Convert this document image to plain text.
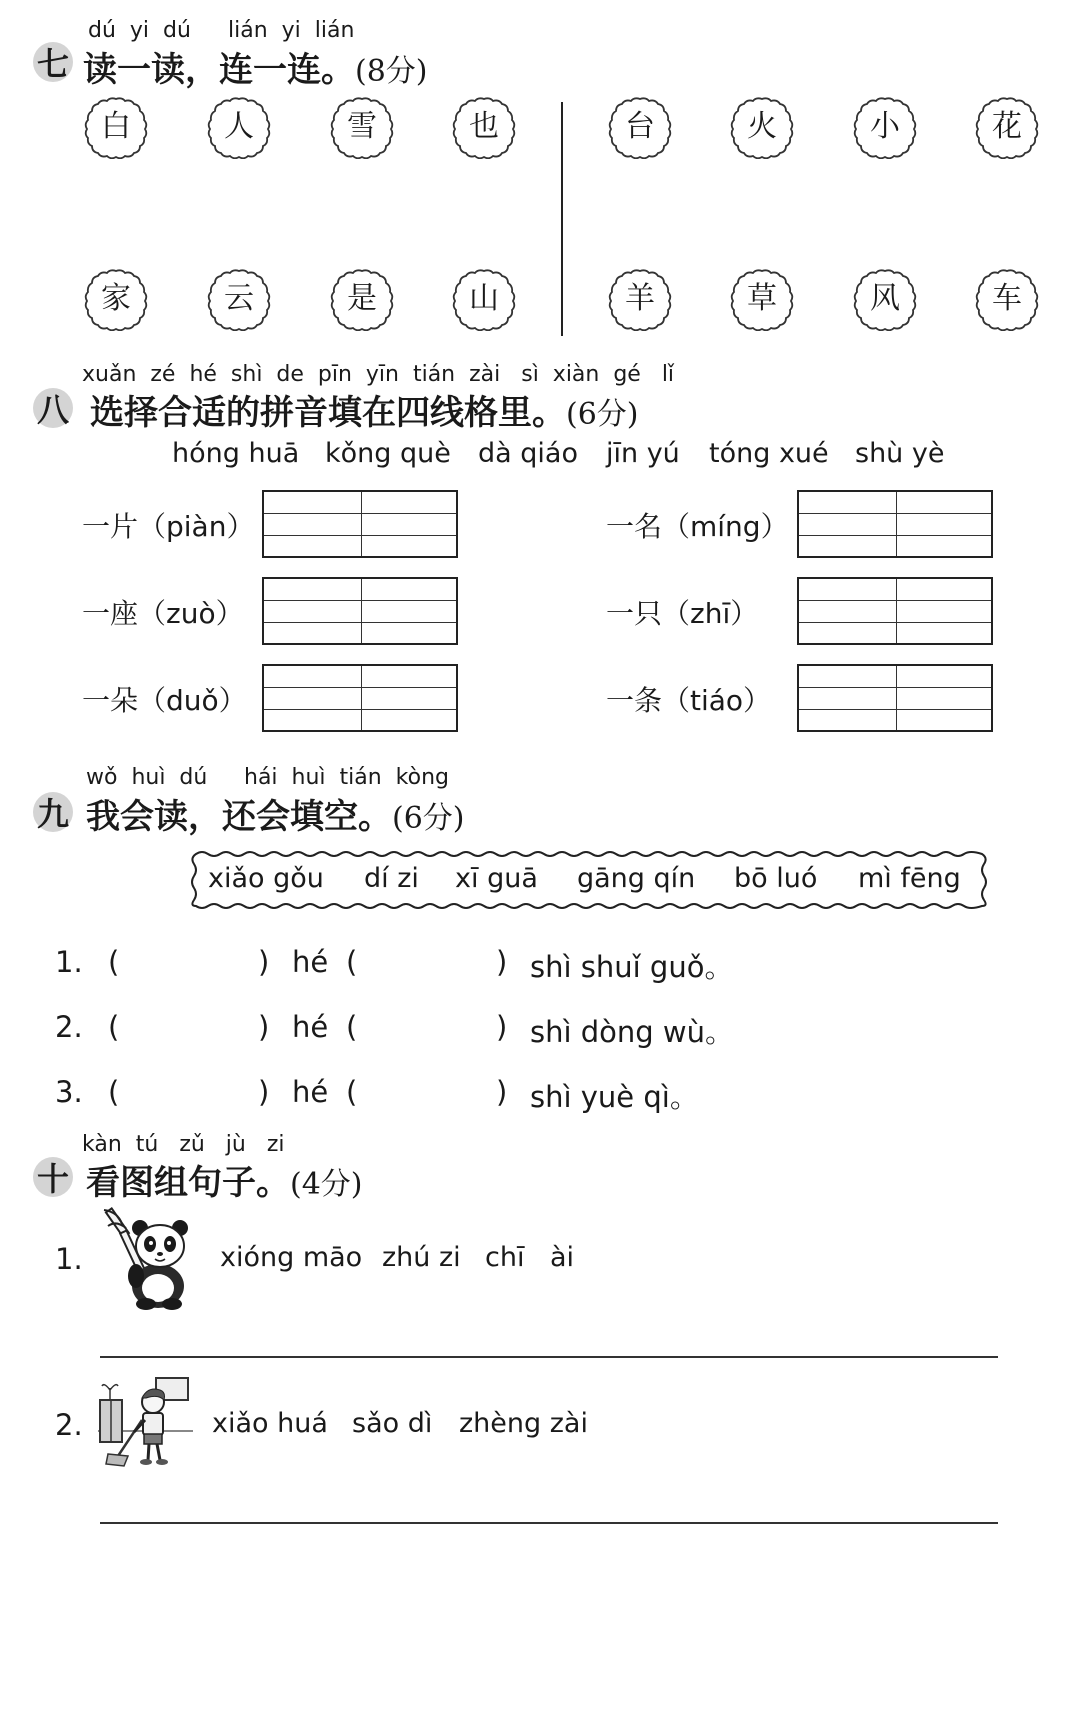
dú  yi  dú lián  yi  lián
七 读一读，连一连。(8分)
白	人	雪	也	台	火	小	花
家	云	是	山	羊	草	风	车
xuǎn  zé  hé  shì  de  pīn  yīn  tián  zài   sì  xiàn  gé   lǐ
八 选择合适的拼音填在四线格里。(6分)
hóng huā kǒng què dà qiáo jīn yú tóng xué shù yè
一片（piàn）
一座（zuò）
一朵（duǒ）
一名（míng）
一只（zhī）
一条（tiáo）
wǒ  huì  dú hái  huì  tián  kòng
九 我会读，还会填空。(6分)
xiǎo gǒu dí zi xī guā gāng qín bō luó mì fēng
1. (	) hé (	) shì shuǐ guǒ。
2. (	) hé (	) shì dòng wù。
3. (	) hé (	) shì yuè qì。
kàn  tú   zǔ   jù   zi
十 看图组句子。(4分)
1.	xióng māo zhú zi chī ài
2.	xiǎo huá sǎo dì zhèng zài
